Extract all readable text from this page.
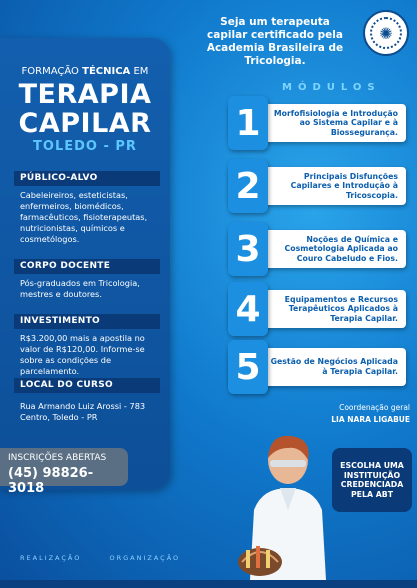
Seja um terapeuta capilar certificado pela Academia Brasileira de Tricologia.
✺
FORMAÇÃO TÉCNICA EM
TERAPIA
CAPILAR
TOLEDO - PR
PÚBLICO-ALVO
Cabeleireiros, esteticistas, enfermeiros, biomédicos, farmacêuticos, fisioterapeutas, nutricionistas, químicos e cosmetólogos.
CORPO DOCENTE
Pós-graduados em Tricologia, mestres e doutores.
INVESTIMENTO
R$3.200,00 mais a apostila no valor de R$120,00. Informe-se sobre as condições de parcelamento.
LOCAL DO CURSO
Rua Armando Luiz Arossi - 783 Centro, Toledo - PR
MÓDULOS
1	Morfofisiologia e Introdução ao Sistema Capilar e à Biossegurança.
2	Principais Disfunções Capilares e Introdução à Tricoscopia.
3	Noções de Química e Cosmetologia Aplicada ao Couro Cabeludo e Fios.
4	Equipamentos e Recursos Terapêuticos Aplicados à Terapia Capilar.
5	Gestão de Negócios Aplicada à Terapia Capilar.
Coordenação geral
LIA NARA LIGABUE
INSCRIÇÕES ABERTAS
(45) 98826-3018
ESCOLHA UMA INSTITUIÇÃO CREDENCIADA PELA ABT
REALIZAÇÃO	ORGANIZAÇÃO
